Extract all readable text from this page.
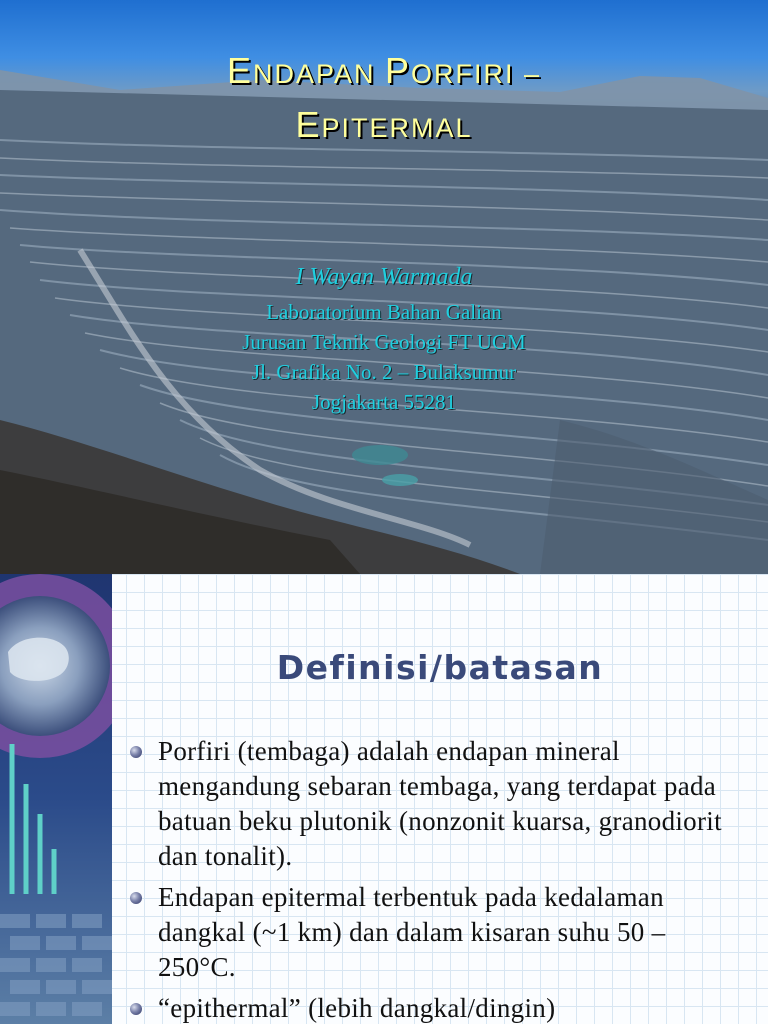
ENDAPAN PORFIRI –
EPITERMAL

I Wayan Warmada

Laboratorium Bahan Galian

Jurusan Teknik Geologi FT UGM

Jl. Grafika No. 2 – Bulaksumur

Jogjakarta 55281

Definisi/batasan
Porfiri (tembaga) adalah endapan mineral mengandung sebaran tembaga, yang terdapat pada batuan beku plutonik (nonzonit kuarsa, granodiorit dan tonalit).
Endapan epitermal terbentuk pada kedalaman dangkal (~1 km) dan dalam kisaran suhu 50 – 250°C.
“epithermal” (lebih dangkal/dingin)
